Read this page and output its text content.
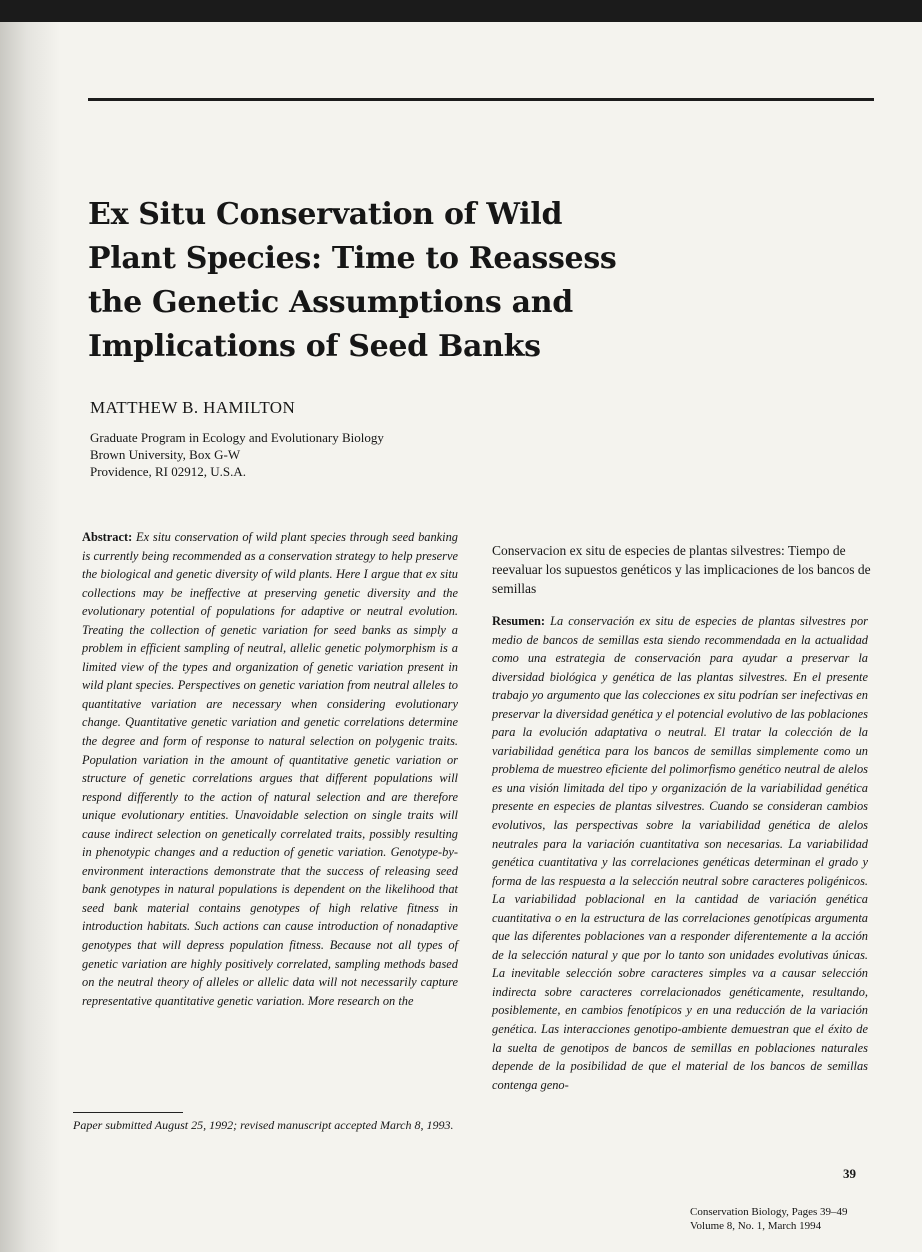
Ex Situ Conservation of Wild Plant Species: Time to Reassess the Genetic Assumptions and Implications of Seed Banks

MATTHEW B. HAMILTON

Graduate Program in Ecology and Evolutionary Biology
Brown University, Box G-W
Providence, RI 02912, U.S.A.

Abstract: Ex situ conservation of wild plant species through seed banking is currently being recommended as a conservation strategy to help preserve the biological and genetic diversity of wild plants. Here I argue that ex situ collections may be ineffective at preserving genetic diversity and the evolutionary potential of populations for adaptive or neutral evolution. Treating the collection of genetic variation for seed banks as simply a problem in efficient sampling of neutral, allelic genetic polymorphism is a limited view of the types and organization of genetic variation present in wild plant species. Perspectives on genetic variation from neutral alleles to quantitative variation are necessary when considering evolutionary change. Quantitative genetic variation and genetic correlations determine the degree and form of response to natural selection on polygenic traits. Population variation in the amount of quantitative genetic variation or structure of genetic correlations argues that different populations will respond differently to the action of natural selection and are therefore unique evolutionary entities. Unavoidable selection on single traits will cause indirect selection on genetically correlated traits, possibly resulting in phenotypic changes and a reduction of genetic variation. Genotype-by-environment interactions demonstrate that the success of releasing seed bank genotypes in natural populations is dependent on the likelihood that seed bank material contains genotypes of high relative fitness in introduction habitats. Such actions can cause introduction of nonadaptive genotypes that will depress population fitness. Because not all types of genetic variation are highly positively correlated, sampling methods based on the neutral theory of alleles or allelic data will not necessarily capture representative quantitative genetic variation. More research on the

Paper submitted August 25, 1992; revised manuscript accepted March 8, 1993.

Conservacion ex situ de especies de plantas silvestres: Tiempo de reevaluar los supuestos genéticos y las implicaciones de los bancos de semillas

Resumen: La conservación ex situ de especies de plantas silvestres por medio de bancos de semillas esta siendo recommendada en la actualidad como una estrategia de conservación para ayudar a preservar la diversidad biológica y genética de las plantas silvestres. En el presente trabajo yo argumento que las colecciones ex situ podrían ser inefectivas en preservar la diversidad genética y el potencial evolutivo de las poblaciones para la evolución adaptativa o neutral. El tratar la colección de la variabilidad genética para los bancos de semillas simplemente como un problema de muestreo eficiente del polimorfismo genético neutral de alelos es una visión limitada del tipo y organización de la variabilidad genética presente en especies de plantas silvestres. Cuando se consideran cambios evolutivos, las perspectivas sobre la variabilidad genética de alelos neutrales para la variación cuantitativa son necesarias. La variabilidad genética cuantitativa y las correlaciones genéticas determinan el grado y forma de las respuesta a la selección neutral sobre caracteres poligénicos. La variabilidad poblacional en la cantidad de variación genética cuantitativa o en la estructura de las correlaciones genotípicas argumenta que las diferentes poblaciones van a responder diferentemente a la acción de la selección natural y que por lo tanto son unidades evolutivas únicas. La inevitable selección sobre caracteres simples va a causar selección indirecta sobre caracteres correlacionados genéticamente, resultando, posiblemente, en cambios fenotípicos y en una reducción de la variación genética. Las interacciones genotipo-ambiente demuestran que el éxito de la suelta de genotipos de bancos de semillas en poblaciones naturales depende de la posibilidad de que el material de los bancos de semillas contenga geno-

39
Conservation Biology, Pages 39–49
Volume 8, No. 1, March 1994
